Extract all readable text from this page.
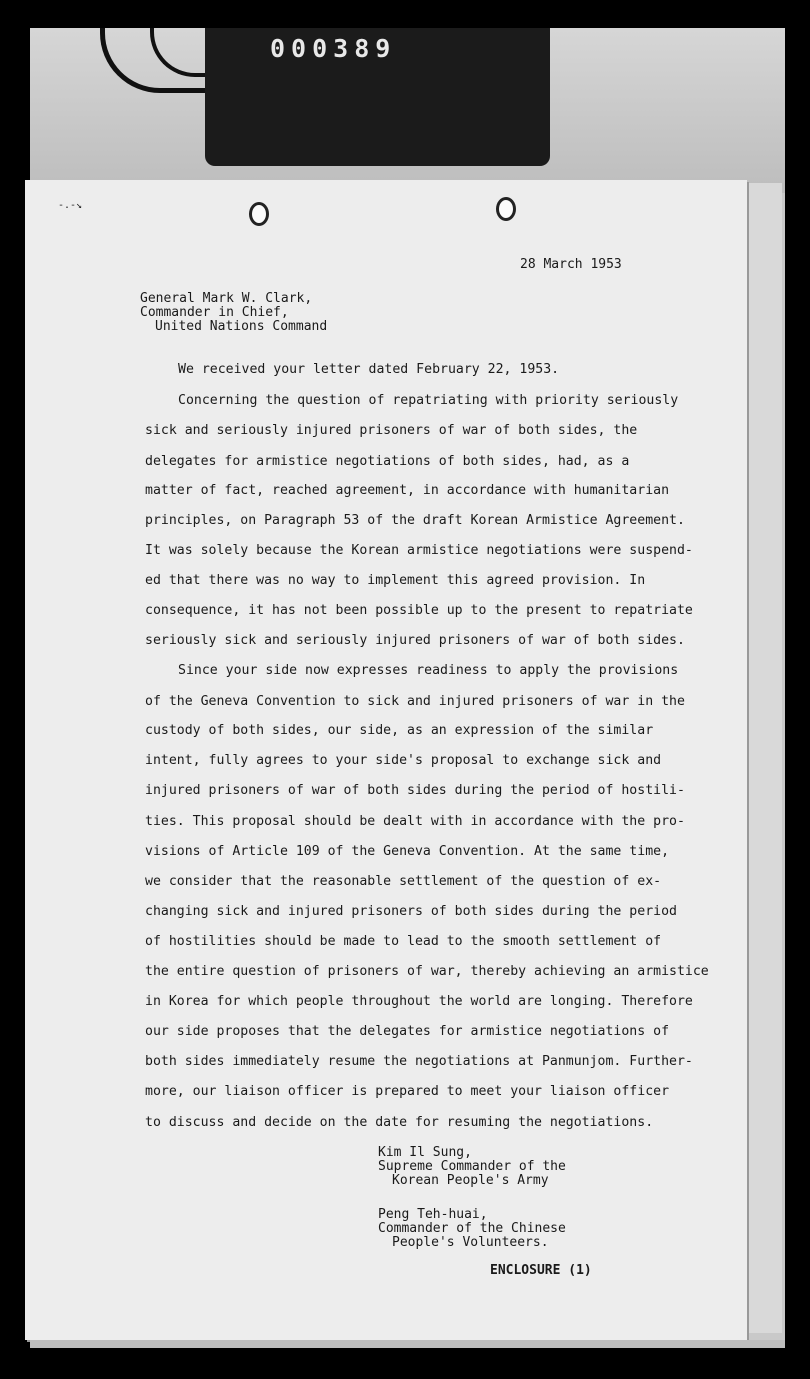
000389
-.-↘
28 March 1953
General Mark W. Clark,
Commander in Chief,
United Nations Command
We received your letter dated February 22, 1953.
Concerning the question of repatriating with priority seriously
sick and seriously injured prisoners of war of both sides, the
delegates for armistice negotiations of both sides, had, as a
matter of fact, reached agreement, in accordance with humanitarian
principles, on Paragraph 53 of the draft Korean Armistice Agreement.
It was solely because the Korean armistice negotiations were suspend-
ed that there was no way to implement this agreed provision. In
consequence, it has not been possible up to the present to repatriate
seriously sick and seriously injured prisoners of war of both sides.
Since your side now expresses readiness to apply the provisions
of the Geneva Convention to sick and injured prisoners of war in the
custody of both sides, our side, as an expression of the similar
intent, fully agrees to your side's proposal to exchange sick and
injured prisoners of war of both sides during the period of hostili-
ties. This proposal should be dealt with in accordance with the pro-
visions of Article 109 of the Geneva Convention. At the same time,
we consider that the reasonable settlement of the question of ex-
changing sick and injured prisoners of both sides during the period
of hostilities should be made to lead to the smooth settlement of
the entire question of prisoners of war, thereby achieving an armistice
in Korea for which people throughout the world are longing. Therefore
our side proposes that the delegates for armistice negotiations of
both sides immediately resume the negotiations at Panmunjom. Further-
more, our liaison officer is prepared to meet your liaison officer
to discuss and decide on the date for resuming the negotiations.
Kim Il Sung,
Supreme Commander of the
Korean People's Army
Peng Teh-huai,
Commander of the Chinese
People's Volunteers.
ENCLOSURE (1)
